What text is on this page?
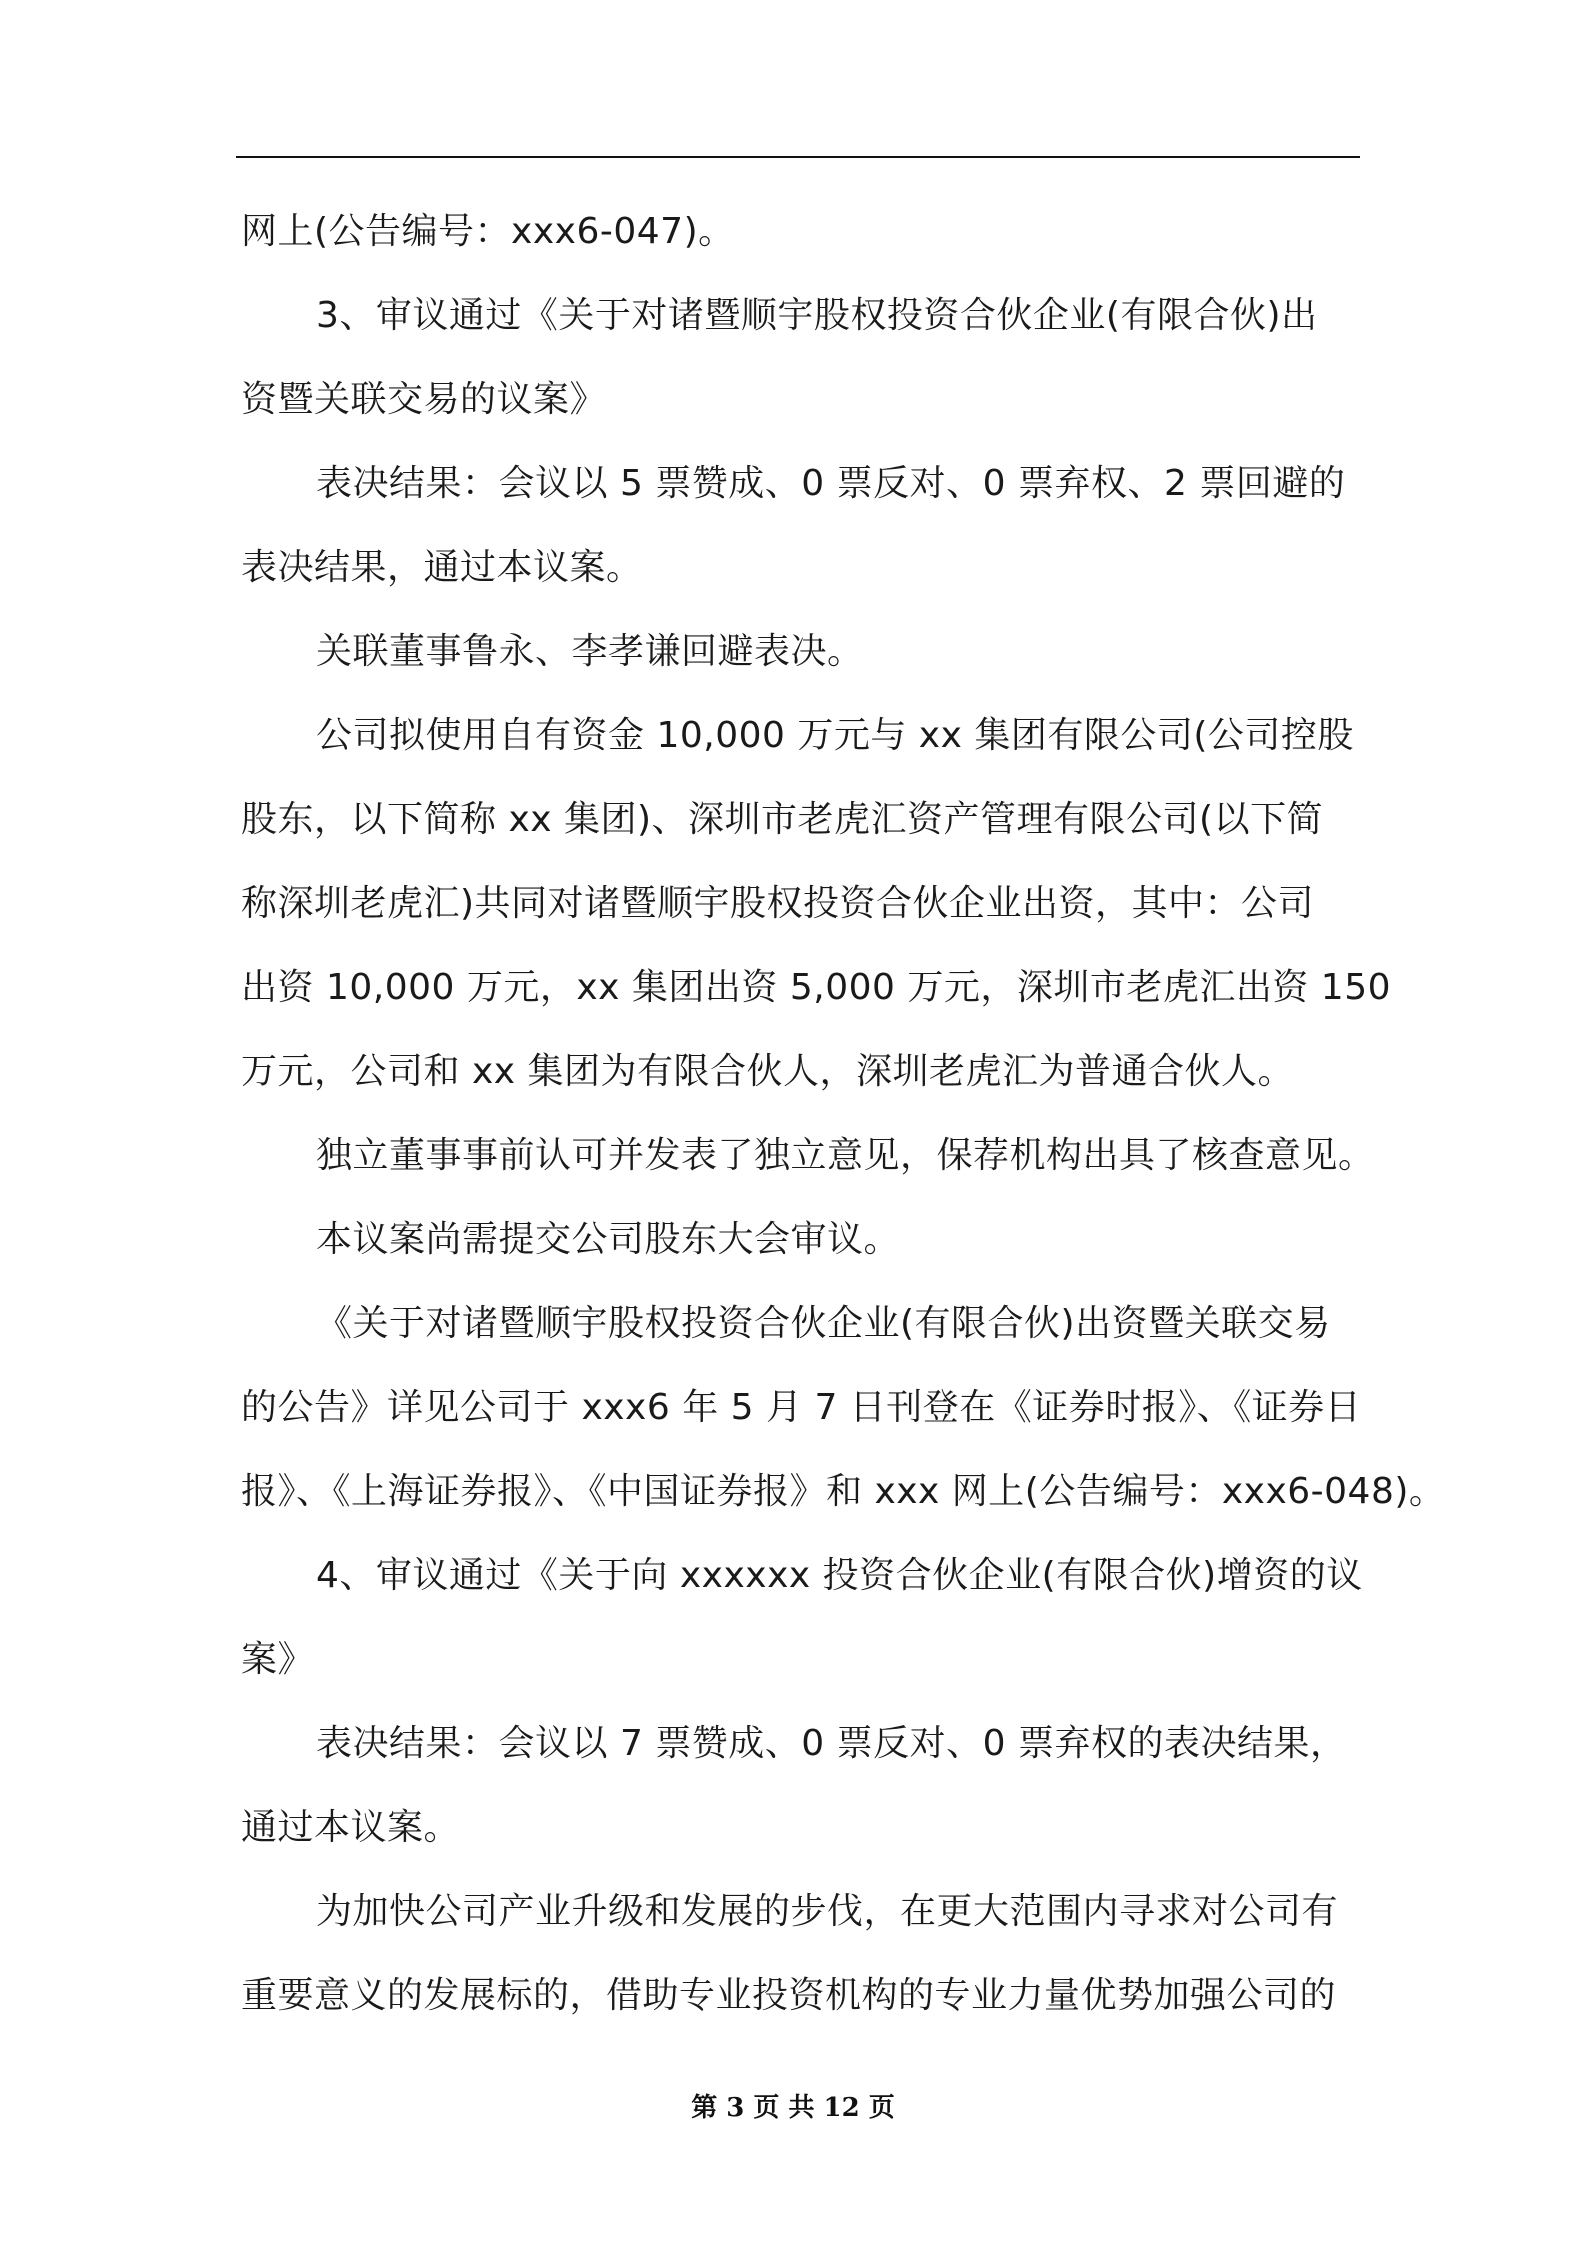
网上(公告编号：xxx6-047)。
3、审议通过《关于对诸暨顺宇股权投资合伙企业(有限合伙)出
资暨关联交易的议案》
表决结果：会议以 5 票赞成、0 票反对、0 票弃权、2 票回避的
表决结果，通过本议案。
关联董事鲁永、李孝谦回避表决。
公司拟使用自有资金 10,000 万元与 xx 集团有限公司(公司控股
股东，以下简称 xx 集团)、深圳市老虎汇资产管理有限公司(以下简
称深圳老虎汇)共同对诸暨顺宇股权投资合伙企业出资，其中：公司
出资 10,000 万元，xx 集团出资 5,000 万元，深圳市老虎汇出资 150
万元，公司和 xx 集团为有限合伙人，深圳老虎汇为普通合伙人。
独立董事事前认可并发表了独立意见，保荐机构出具了核查意见。
本议案尚需提交公司股东大会审议。
《关于对诸暨顺宇股权投资合伙企业(有限合伙)出资暨关联交易
的公告》详见公司于 xxx6 年 5 月 7 日刊登在《证券时报》、《证券日
报》、《上海证券报》、《中国证券报》和 xxx 网上(公告编号：xxx6-048)。
4、审议通过《关于向 xxxxxx 投资合伙企业(有限合伙)增资的议
案》
表决结果：会议以 7 票赞成、0 票反对、0 票弃权的表决结果，
通过本议案。
为加快公司产业升级和发展的步伐，在更大范围内寻求对公司有
重要意义的发展标的，借助专业投资机构的专业力量优势加强公司的
第 3 页 共 12 页
